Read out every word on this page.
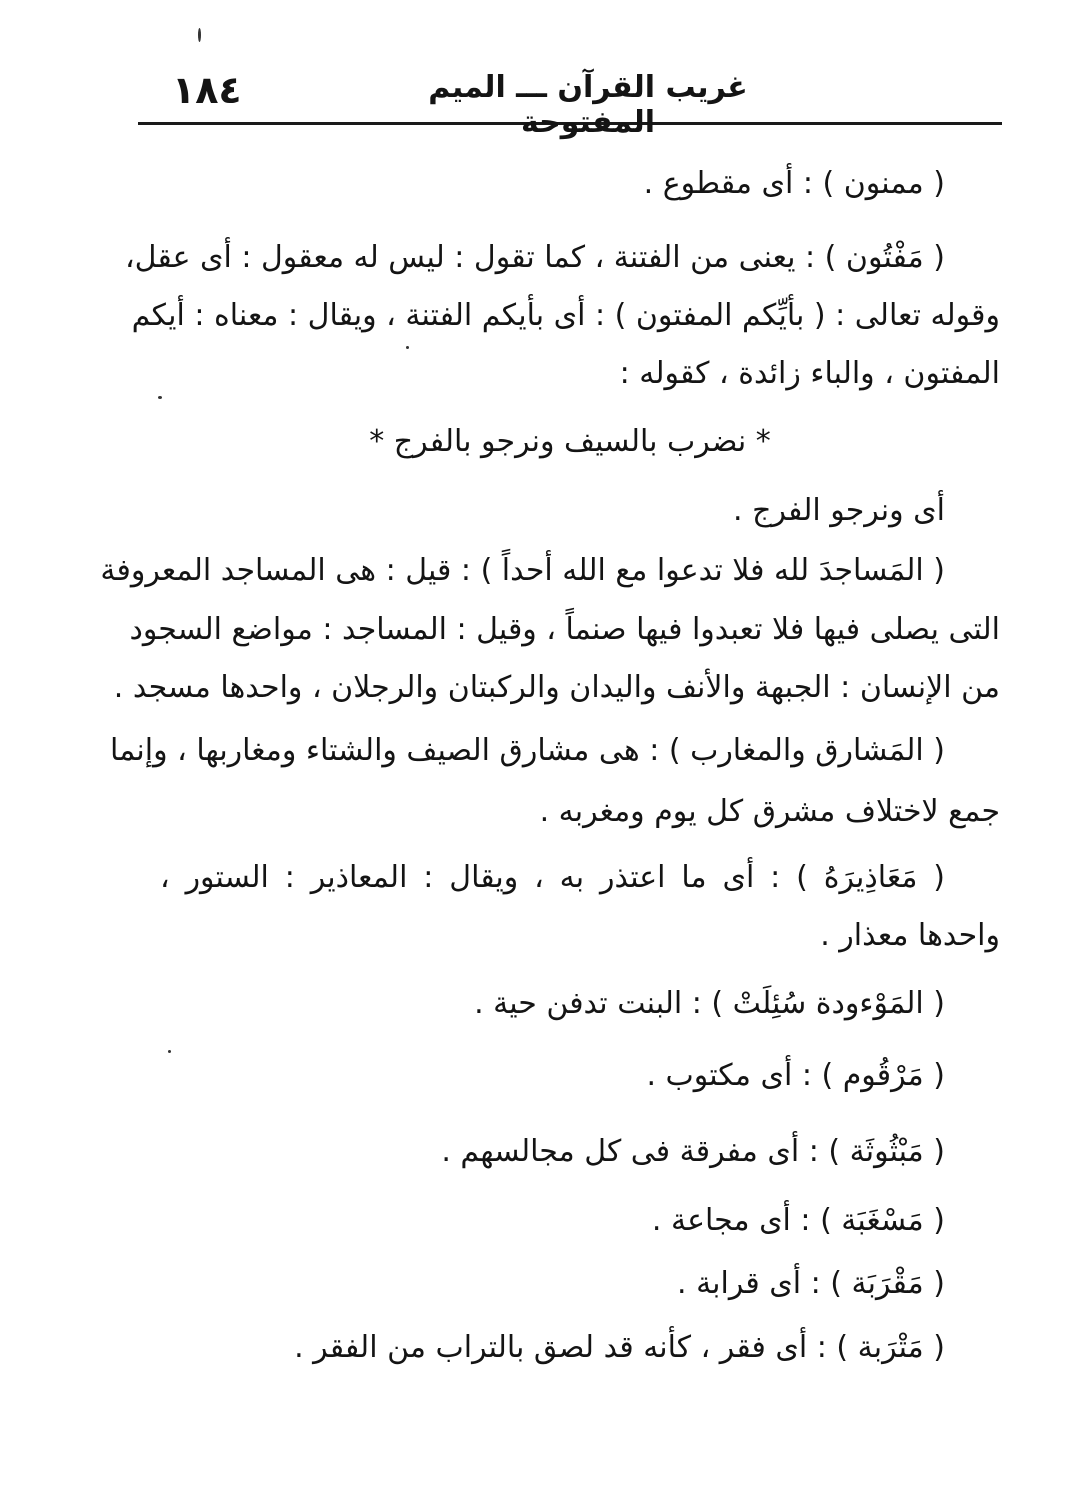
١٨٤	غريب القرآن ـــ الميم المفتوحة
( ممنون ) : أى مقطوع .
( مَفْتُون ) : يعنى من الفتنة ، كما تقول : ليس له معقول : أى عقل،
وقوله تعالى : ( بأيِّكم المفتون ) : أى بأيكم الفتنة ، ويقال : معناه : أيكم
المفتون ، والباء زائدة ، كقوله :
* نضرب بالسيف ونرجو بالفرج *
أى ونرجو الفرج .
( المَساجدَ لله فلا تدعوا مع الله أحداً ) : قيل : هى المساجد المعروفة
التى يصلى فيها فلا تعبدوا فيها صنماً ، وقيل : المساجد : مواضع السجود
من الإنسان : الجبهة والأنف واليدان والركبتان والرجلان ، واحدها مسجد .
( المَشارق والمغارب ) : هى مشارق الصيف والشتاء ومغاربها ، وإنما
جمع لاختلاف مشرق كل يوم ومغربه .
( مَعَاذِيرَهُ ) : أى ما اعتذر به ، ويقال : المعاذير : الستور ،
واحدها معذار .
( المَوْءودة سُئِلَتْ ) : البنت تدفن حية .
( مَرْقُوم ) : أى مكتوب .
( مَبْثُوثَة ) : أى مفرقة فى كل مجالسهم .
( مَسْغَبَة ) : أى مجاعة .
( مَقْرَبَة ) : أى قرابة .
( مَتْرَبة ) : أى فقر ، كأنه قد لصق بالتراب من الفقر .
